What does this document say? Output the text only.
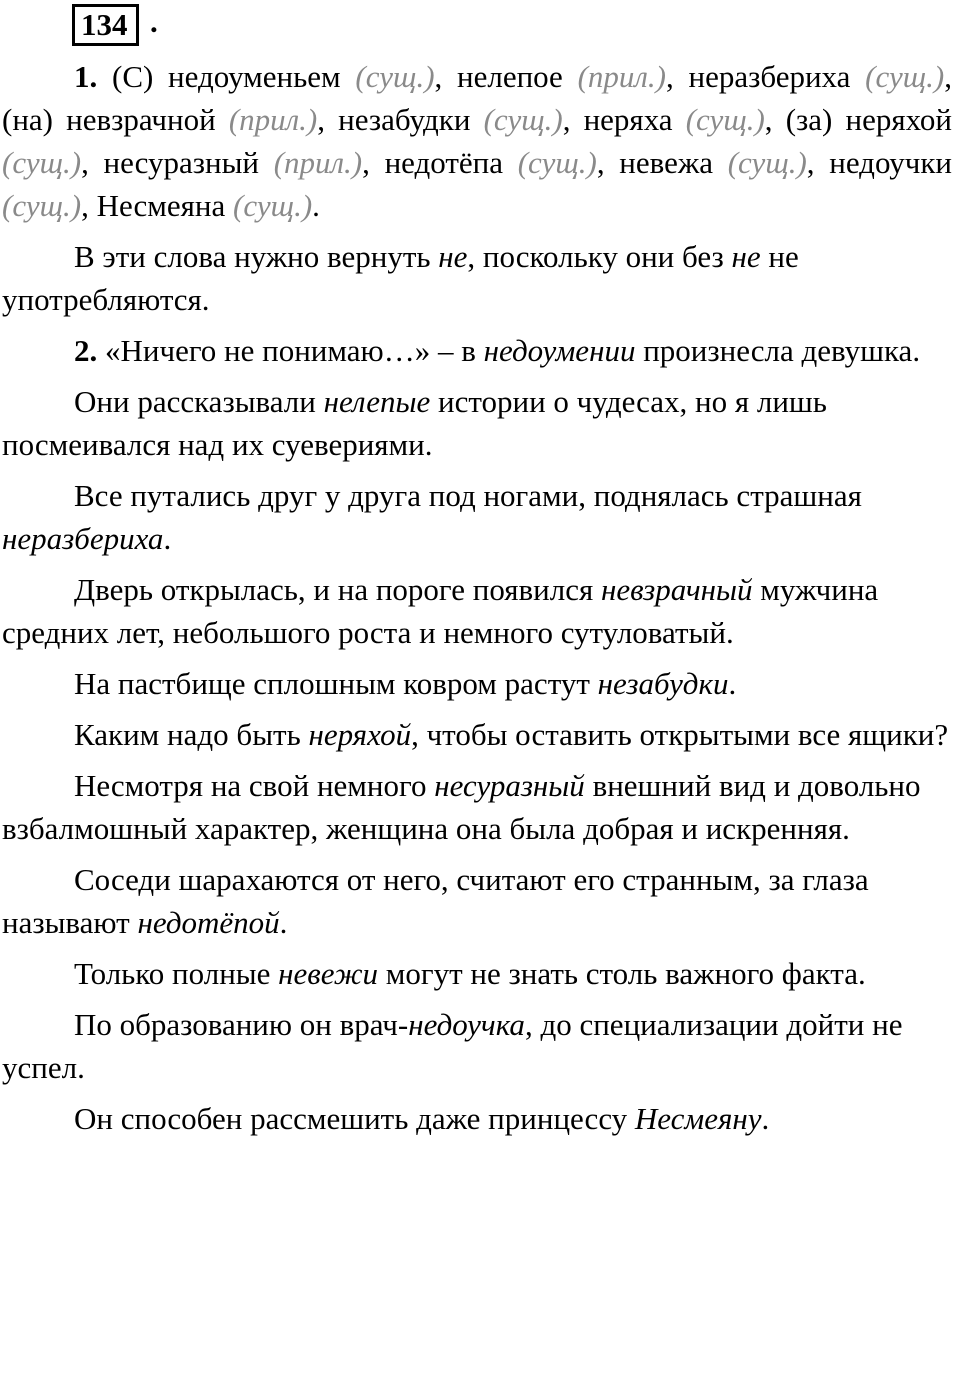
134 .

1. (С) недоуменьем (сущ.), нелепое (прил.), неразбериха (сущ.), (на) невзрачной (прил.), незабудки (сущ.), неряха (сущ.), (за) неряхой (сущ.), несуразный (прил.), недотёпа (сущ.), невежа (сущ.), недоучки (сущ.), Несмеяна (сущ.).

В эти слова нужно вернуть не, поскольку они без не не употребляются.

2. «Ничего не понимаю…» – в недоумении произнесла девушка.

Они рассказывали нелепые истории о чудесах, но я лишь посмеивался над их суевериями.

Все путались друг у друга под ногами, поднялась страшная неразбериха.

Дверь открылась, и на пороге появился невзрачный мужчина средних лет, небольшого роста и немного сутуловатый.

На пастбище сплошным ковром растут незабудки.

Каким надо быть неряхой, чтобы оставить открытыми все ящики?

Несмотря на свой немного несуразный внешний вид и довольно взбалмошный характер, женщина она была добрая и искренняя.

Соседи шарахаются от него, считают его странным, за глаза называют недотёпой.

Только полные невежи могут не знать столь важного факта.

По образованию он врач-недоучка, до специализации дойти не успел.

Он способен рассмешить даже принцессу Несмеяну.
